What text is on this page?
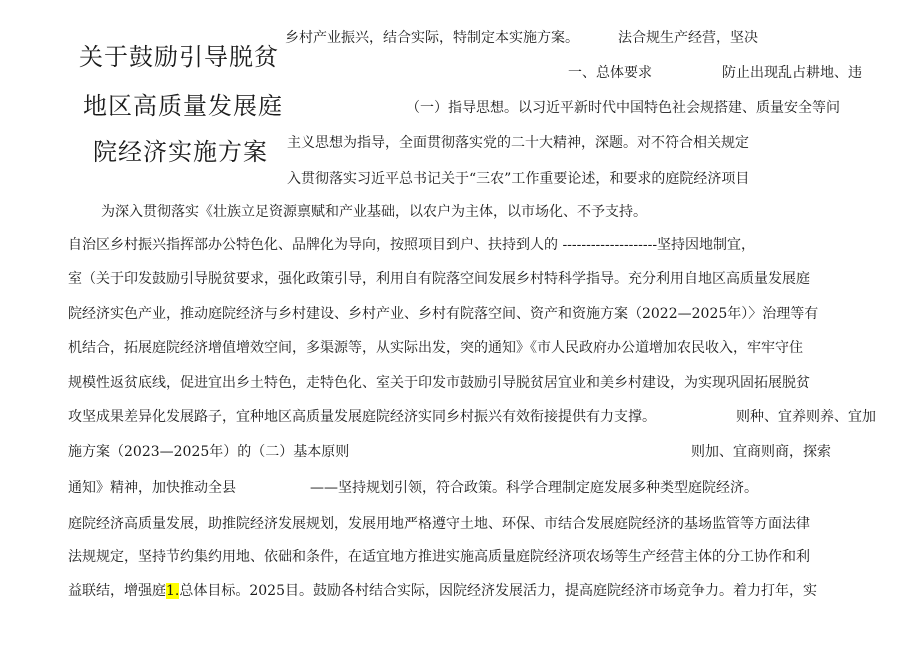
关于鼓励引导脱贫
地区高质量发展庭
院经济实施方案
乡村产业振兴，结合实际，特制定本实施方案。	法合规生产经营，坚决
一、总体要求	防止出现乱占耕地、违
（一）指导思想。以习近平新时代中国特色社会规搭建、质量安全等问
主义思想为指导，全面贯彻落实党的二十大精神，深题。对不符合相关规定
入贯彻落实习近平总书记关于“三农”工作重要论述，和要求的庭院经济项目
为深入贯彻落实《壮族立足资源禀赋和产业基础，以农户为主体，以市场化、不予支持。
自治区乡村振兴指挥部办公特色化、品牌化为导向，按照项目到户、扶持到人的 --------------------坚持因地制宜，
室（关于印发鼓励引导脱贫要求，强化政策引导，利用自有院落空间发展乡村特科学指导。充分利用自地区高质量发展庭
院经济实色产业，推动庭院经济与乡村建设、乡村产业、乡村有院落空间、资产和资施方案（2022—2025年）〉治理等有
机结合，拓展庭院经济增值增效空间，多渠源等，从实际出发，突的通知》《市人民政府办公道增加农民收入，牢牢守住
规模性返贫底线，促进宜出乡土特色，走特色化、室关于印发市鼓励引导脱贫居宜业和美乡村建设，为实现巩固拓展脱贫
攻坚成果差异化发展路子，宜种地区高质量发展庭院经济实同乡村振兴有效衔接提供有力支撑。	则种、宜养则养、宜加
施方案（2023—2025年）的（二）基本原则	则加、宜商则商，探索
通知》精神，加快推动全县	——坚持规划引领，符合政策。科学合理制定庭发展多种类型庭院经济。
庭院经济高质量发展，助推院经济发展规划，发展用地严格遵守土地、环保、市结合发展庭院经济的基场监管等方面法律
法规规定，坚持节约集约用地、依础和条件，在适宜地方推进实施高质量庭院经济项农场等生产经营主体的分工协作和利
益联结，增强庭1.总体目标。2025目。鼓励各村结合实际，因院经济发展活力，提高庭院经济市场竞争力。着力打年，实
